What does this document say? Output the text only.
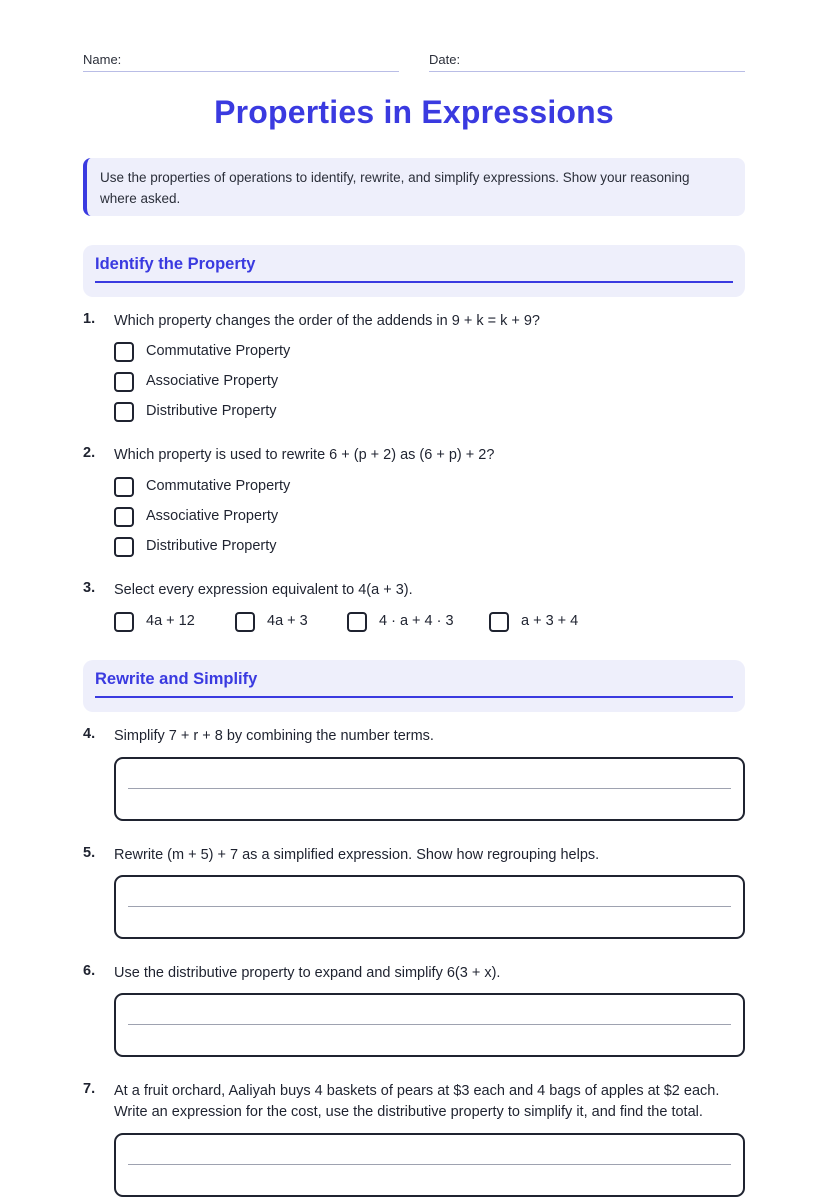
Name:	Date:
Properties in Expressions
Use the properties of operations to identify, rewrite, and simplify expressions. Show your reasoning where asked.
Identify the Property
1. Which property changes the order of the addends in 9 + k = k + 9?
Commutative Property
Associative Property
Distributive Property
2. Which property is used to rewrite 6 + (p + 2) as (6 + p) + 2?
Commutative Property
Associative Property
Distributive Property
3. Select every expression equivalent to 4(a + 3).
4a + 12	4a + 3	4 · a + 4 · 3	a + 3 + 4
Rewrite and Simplify
4. Simplify 7 + r + 8 by combining the number terms.
5. Rewrite (m + 5) + 7 as a simplified expression. Show how regrouping helps.
6. Use the distributive property to expand and simplify 6(3 + x).
7. At a fruit orchard, Aaliyah buys 4 baskets of pears at $3 each and 4 bags of apples at $2 each. Write an expression for the cost, use the distributive property to simplify it, and find the total.
